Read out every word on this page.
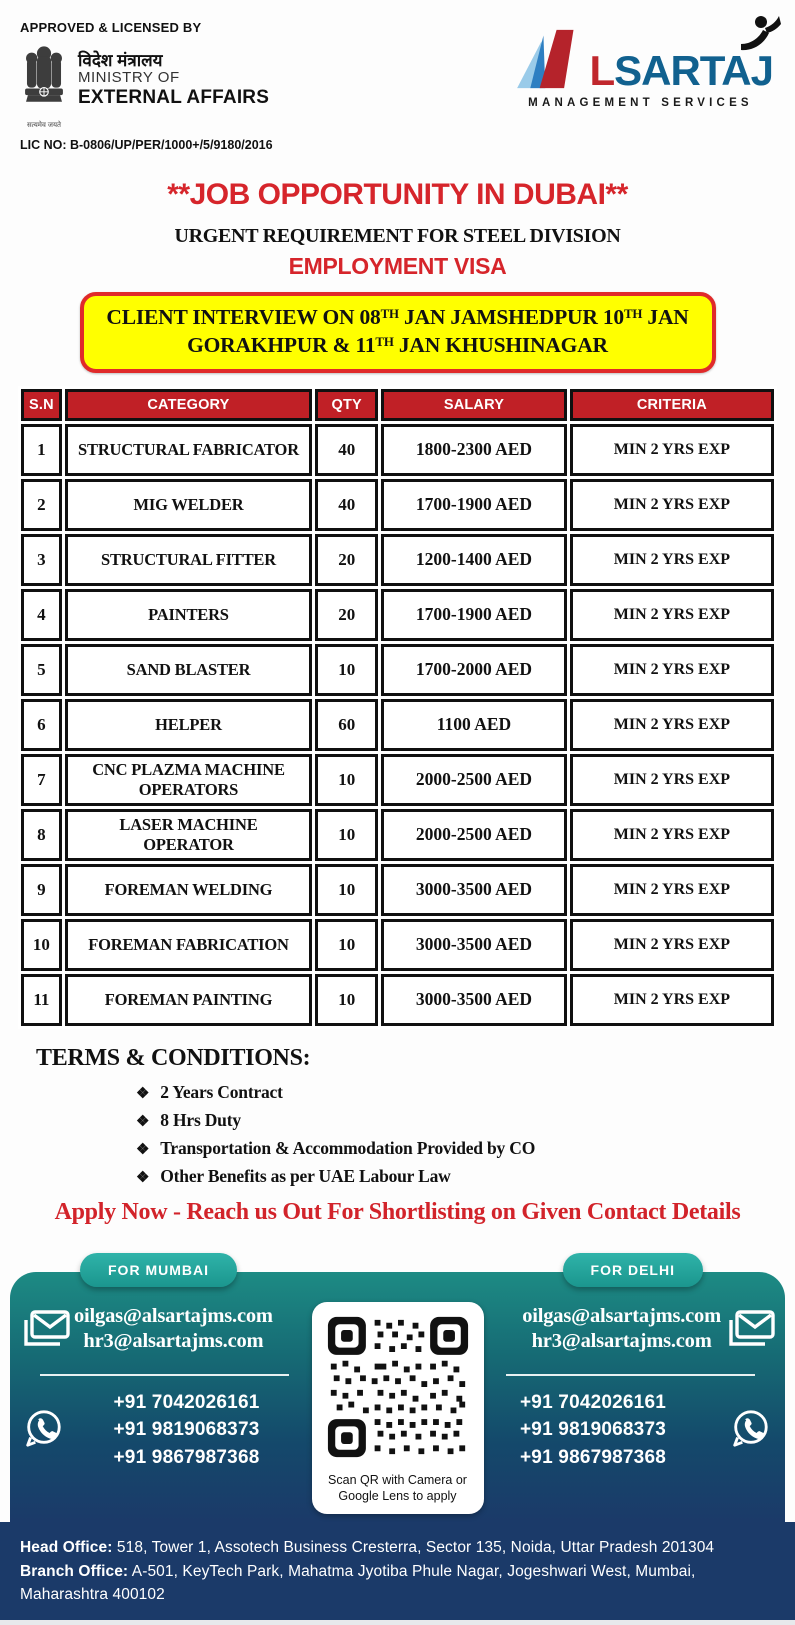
APPROVED & LICENSED BY
सत्यमेव जयते
विदेश मंत्रालय
MINISTRY OF
EXTERNAL AFFAIRS
LIC NO: B-0806/UP/PER/1000+/5/9180/2016
L SARTAJ
MANAGEMENT SERVICES
**JOB OPPORTUNITY IN DUBAI**
URGENT REQUIREMENT FOR STEEL DIVISION
EMPLOYMENT VISA
CLIENT INTERVIEW ON 08TH JAN JAMSHEDPUR 10TH JAN
GORAKHPUR & 11TH JAN KHUSHINAGAR
S.N	CATEGORY	QTY	SALARY	CRITERIA
1	STRUCTURAL FABRICATOR	40	1800-2300 AED	MIN 2 YRS EXP
2	MIG WELDER	40	1700-1900 AED	MIN 2 YRS EXP
3	STRUCTURAL FITTER	20	1200-1400 AED	MIN 2 YRS EXP
4	PAINTERS	20	1700-1900 AED	MIN 2 YRS EXP
5	SAND BLASTER	10	1700-2000 AED	MIN 2 YRS EXP
6	HELPER	60	1100 AED	MIN 2 YRS EXP
7	CNC PLAZMA MACHINE OPERATORS	10	2000-2500 AED	MIN 2 YRS EXP
8	LASER MACHINE OPERATOR	10	2000-2500 AED	MIN 2 YRS EXP
9	FOREMAN WELDING	10	3000-3500 AED	MIN 2 YRS EXP
10	FOREMAN FABRICATION	10	3000-3500 AED	MIN 2 YRS EXP
11	FOREMAN PAINTING	10	3000-3500 AED	MIN 2 YRS EXP
TERMS & CONDITIONS:
❖ 2 Years Contract
❖ 8 Hrs Duty
❖ Transportation & Accommodation Provided by CO
❖ Other Benefits as per UAE Labour Law
Apply Now - Reach us Out For Shortlisting on Given Contact Details
FOR MUMBAI	FOR DELHI
oilgas@alsartajms.com
hr3@alsartajms.com
+91 7042026161
+91 9819068373
+91 9867987368
Scan QR with Camera or
Google Lens to apply
oilgas@alsartajms.com
hr3@alsartajms.com
+91 7042026161
+91 9819068373
+91 9867987368
Head Office: 518, Tower 1, Assotech Business Cresterra, Sector 135, Noida, Uttar Pradesh 201304
Branch Office: A-501, KeyTech Park, Mahatma Jyotiba Phule Nagar, Jogeshwari West, Mumbai, Maharashtra 400102
